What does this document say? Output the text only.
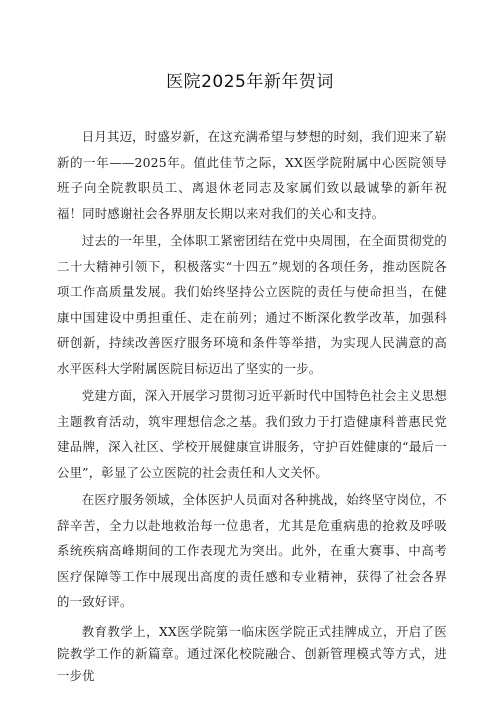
医院2025年新年贺词

日月其迈，时盛岁新，在这充满希望与梦想的时刻，我们迎来了崭新的一年——2025年。值此佳节之际，XX医学院附属中心医院领导班子向全院教职员工、离退休老同志及家属们致以最诚挚的新年祝福！同时感谢社会各界朋友长期以来对我们的关心和支持。

过去的一年里，全体职工紧密团结在党中央周围，在全面贯彻党的二十大精神引领下，积极落实“十四五”规划的各项任务，推动医院各项工作高质量发展。我们始终坚持公立医院的责任与使命担当，在健康中国建设中勇担重任、走在前列；通过不断深化教学改革，加强科研创新，持续改善医疗服务环境和条件等举措，为实现人民满意的高水平医科大学附属医院目标迈出了坚实的一步。

党建方面，深入开展学习贯彻习近平新时代中国特色社会主义思想主题教育活动，筑牢理想信念之基。我们致力于打造健康科普惠民党建品牌，深入社区、学校开展健康宣讲服务，守护百姓健康的“最后一公里”，彰显了公立医院的社会责任和人文关怀。

在医疗服务领域，全体医护人员面对各种挑战，始终坚守岗位，不辞辛苦，全力以赴地救治每一位患者，尤其是危重病患的抢救及呼吸系统疾病高峰期间的工作表现尤为突出。此外，在重大赛事、中高考医疗保障等工作中展现出高度的责任感和专业精神，获得了社会各界的一致好评。

教育教学上，XX医学院第一临床医学院正式挂牌成立，开启了医院教学工作的新篇章。通过深化校院融合、创新管理模式等方式，进一步优
